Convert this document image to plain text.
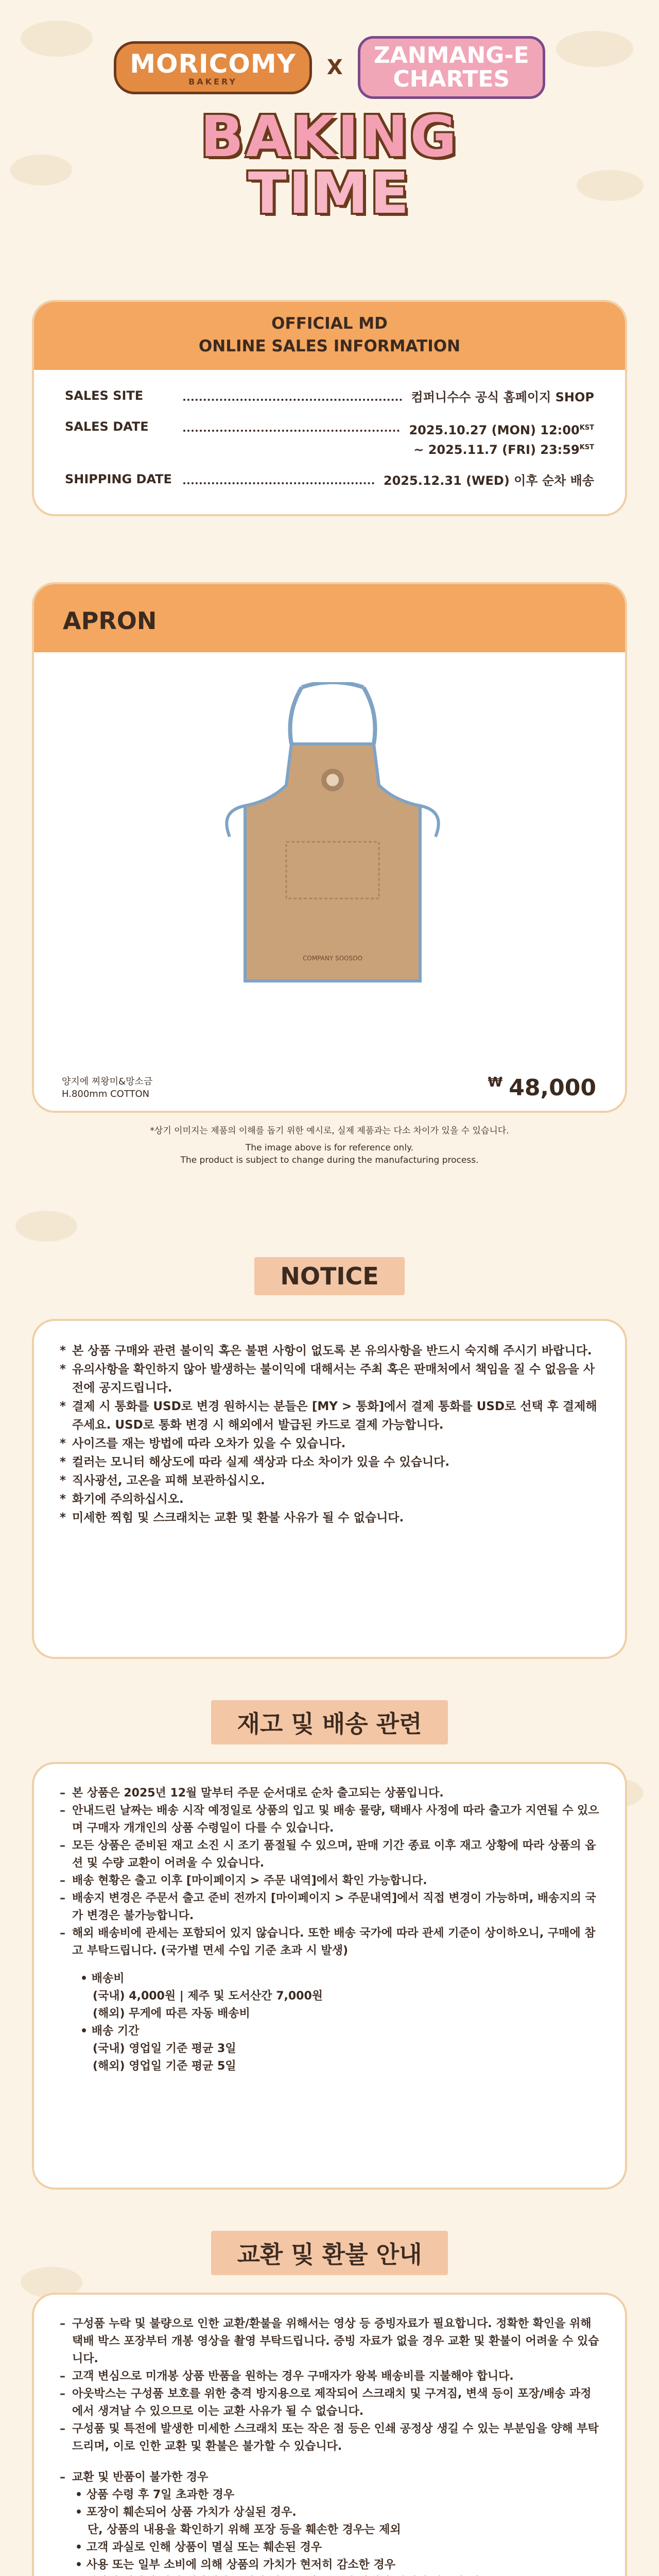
MORICOMY
BAKERY
X ZANMANG-E
CHARTES
BAKING
TIME
OFFICIAL MD
ONLINE SALES INFORMATION
SALES SITE	컴퍼니수수 공식 홈페이지 SHOP
SALES DATE	2025.10.27 (MON) $12:00^{KST}$
~ 2025.11.7 (FRI) $23:59^{KST}$
SHIPPING DATE	2025.12.31 (WED) 이후 순차 배송
APRON
COMPANY SOOSOO
양지에 찌왕미&망소금
H.800mm COTTON
₩ 48,000
*상기 이미지는 제품의 이해를 돕기 위한 예시로, 실제 제품과는 다소 차이가 있을 수 있습니다.
The image above is for reference only.
The product is subject to change during the manufacturing process.
NOTICE
* 본 상품 구매와 관련 불이익 혹은 불편 사항이 없도록 본 유의사항을 반드시 숙지해 주시기 바랍니다.
* 유의사항을 확인하지 않아 발생하는 불이익에 대해서는 주최 혹은 판매처에서 책임을 질 수 없음을 사전에 공지드립니다.
* 결제 시 통화를 USD로 변경 원하시는 분들은 [MY > 통화]에서 결제 통화를 USD로 선택 후 결제해 주세요. USD로 통화 변경 시 해외에서 발급된 카드로 결제 가능합니다.
* 사이즈를 재는 방법에 따라 오차가 있을 수 있습니다.
* 컬러는 모니터 해상도에 따라 실제 색상과 다소 차이가 있을 수 있습니다.
* 직사광선, 고온을 피해 보관하십시오.
* 화기에 주의하십시오.
* 미세한 찍힘 및 스크래치는 교환 및 환불 사유가 될 수 없습니다.
재고 및 배송 관련
– 본 상품은 2025년 12월 말부터 주문 순서대로 순차 출고되는 상품입니다.
– 안내드린 날짜는 배송 시작 예정일로 상품의 입고 및 배송 물량, 택배사 사정에 따라 출고가 지연될 수 있으며 구매자 개개인의 상품 수령일이 다를 수 있습니다.
– 모든 상품은 준비된 재고 소진 시 조기 품절될 수 있으며, 판매 기간 종료 이후 재고 상황에 따라 상품의 옵션 및 수량 교환이 어려울 수 있습니다.
– 배송 현황은 출고 이후 [마이페이지 > 주문 내역]에서 확인 가능합니다.
– 배송지 변경은 주문서 출고 준비 전까지 [마이페이지 > 주문내역]에서 직접 변경이 가능하며, 배송지의 국가 변경은 불가능합니다.
– 해외 배송비에 관세는 포함되어 있지 않습니다. 또한 배송 국가에 따라 관세 기준이 상이하오니, 구매에 참고 부탁드립니다. (국가별 면세 수입 기준 초과 시 발생)
• 배송비
(국내) 4,000원 | 제주 및 도서산간 7,000원
(해외) 무게에 따른 자동 배송비
• 배송 기간
(국내) 영업일 기준 평균 3일
(해외) 영업일 기준 평균 5일
교환 및 환불 안내
– 구성품 누락 및 불량으로 인한 교환/환불을 위해서는 영상 등 증빙자료가 필요합니다. 정확한 확인을 위해 택배 박스 포장부터 개봉 영상을 촬영 부탁드립니다. 증빙 자료가 없을 경우 교환 및 환불이 어려울 수 있습니다.
– 고객 변심으로 미개봉 상품 반품을 원하는 경우 구매자가 왕복 배송비를 지불해야 합니다.
– 아웃박스는 구성품 보호를 위한 충격 방지용으로 제작되어 스크래치 및 구겨짐, 변색 등이 포장/배송 과정에서 생겨날 수 있으므로 이는 교환 사유가 될 수 없습니다.
– 구성품 및 특전에 발생한 미세한 스크래치 또는 작은 점 등은 인쇄 공정상 생길 수 있는 부분임을 양해 부탁드리며, 이로 인한 교환 및 환불은 불가할 수 있습니다.
– 교환 및 반품이 불가한 경우
• 상품 수령 후 7일 초과한 경우
• 포장이 훼손되어 상품 가치가 상실된 경우.
단, 상품의 내용을 확인하기 위해 포장 등을 훼손한 경우는 제외
• 고객 과실로 인해 상품이 멸실 또는 훼손된 경우
• 사용 또는 일부 소비에 의해 상품의 가치가 현저히 감소한 경우
